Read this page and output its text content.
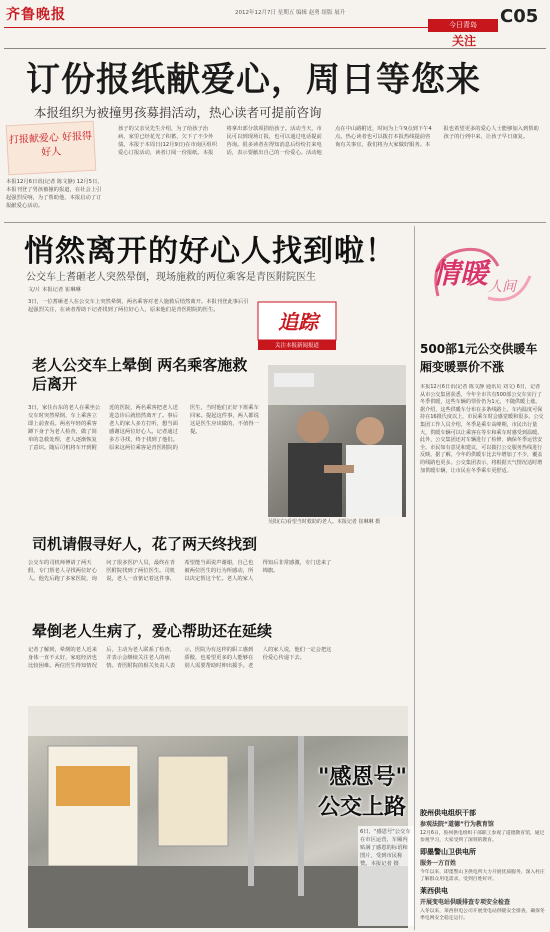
齐鲁晚报	2012年12月7日 星期五 编辑 赵勇 组版 展升	C05
今日青岛
关注
订份报纸献爱心，周日等您来
本报组织为被撞男孩募捐活动，热心读者可提前咨询
打报献爱心 好报得好人
本报12月6日讯(记者 陈文静) 12月5日，本报刊登了男孩被撞的报道，在社会上引起强烈反响，为了帮助他，本报启动了订报献爱心活动。
孩子的父亲吴先生介绍，为了给孩子治病，家里已经花光了积蓄，欠下了不少外债。本报于本周日(12月9日)在市南区组织爱心订报活动，读者订阅一份报纸，本报将拿出部分款项捐给孩子。活动当天，市民可以到现场订报，也可以通过电话提前咨询。很多读者在得知消息后纷纷打来电话，表示要献出自己的一份爱心。活动地点在中山路附近，时间为上午9点到下午4点。热心读者也可以拨打本报热线提前咨询有关事宜，我们将为大家做好服务。本报也希望更多的爱心人士能够加入到帮助孩子的行列中来，让孩子早日康复。
悄然离开的好心人找到啦！
公交车上耆砸老人突然晕倒，现场施救的两位乘客是青医附院医生
文/片 本报记者 崔琳琳
3日，一位耆砸老人在公交车上突然晕倒，两名乘客对老人施救后悄然离开。本报刊登此事后引起强烈关注，在读者帮助下记者找到了两位好心人，原来他们是青医附院的医生。	追踪
关注本报新闻报道
老人公交车上晕倒 两名乘客施救后离开
3日，家住台东的老人在乘坐公交车时突然晕倒，车上乘客立即上前查看。两名年轻的乘客蹲下身子为老人检查，做了简单的急救处理，老人逐渐恢复了意识。随后司机将车开到附近的医院，两名乘客把老人送进急诊后就悄然离开了。事后老人的家人多方打听，想当面感谢这两位好心人。记者通过多方寻找，终于找到了他们。原来这两位乘客是青医附院的医生，当时他们正好下班乘车回家。提起这件事，两人都说这是医生应该做的，不值得一提。
吴阳(右)看望当时救助的老人。本报记者 崔琳琳 摄
司机请假寻好人，花了两天终找到
公交车的司机师傅请了两天假，专门帮老人寻找两位好心人。他先后跑了多家医院，询问了很多医护人员，最终在青医附院找到了两位医生。司机说，老人一直惦记着这件事，希望能当面说声谢谢，自己也被两位医生的行为所感动，所以决定帮这个忙。老人的家人得知后非常感激，专门送来了锦旗。
晕倒老人生病了，爱心帮助还在延续
记者了解到，晕倒的老人近来身体一直不太好，家庭经济也比较困难。两位医生得知情况后，主动为老人联系了检查，并表示会继续关注老人的病情。青医附院的相关负责人表示，医院为有这样的职工感到骄傲，也希望更多的人能够在别人需要帮助时伸出援手。老人的家人说，他们一定会把这份爱心传递下去。
"感恩号"
公交上路
6日，"感恩号"公交车在市区运营，车厢内贴满了感恩的标语和图片，受到市民称赞。本报记者 摄
情暖 人间
500部1元公交供暖车厢变暖票价不涨
本报12月6日讯(记者 陈文静 通讯员 刘文) 6日，记者从市公交集团获悉，今年全市共有500部公交车实行了冬季供暖，这些车辆的票价仍为1元，不随供暖上涨。据介绍，这些供暖车分布在多条线路上，车内温度可保持在16摄氏度以上，市民乘车时会感觉暖和很多。公交集团工作人员介绍，冬季是乘车高峰期，市民出行量大，供暖车辆可以让乘客在等车和乘车时感受到温暖。此外，公交集团还对车辆进行了检修，确保冬季运营安全。市民如有意见和建议，可以拨打公交服务热线进行反映。据了解，今年的供暖车比去年增加了不少，覆盖的线路也更多。公交集团表示，将根据天气情况适时增加供暖车辆，让市民在冬季乘车更舒适。
胶州供电组织干部
参观法院“道德”行为教育馆
12月6日，胶州供电组织干部职工参观了道德教育馆，通过参观学习，大家受到了深刻的教育。
即墨警山卫供电所
服务一方百姓
今年以来，即墨警山卫供电所大力开展优质服务，深入村庄了解群众用电需求，受到百姓好评。
莱西供电
开展变电站供暖排查专项安全检查
入冬以来，莱西供电公司开展变电站供暖安全排查，确保冬季电网安全稳定运行。
